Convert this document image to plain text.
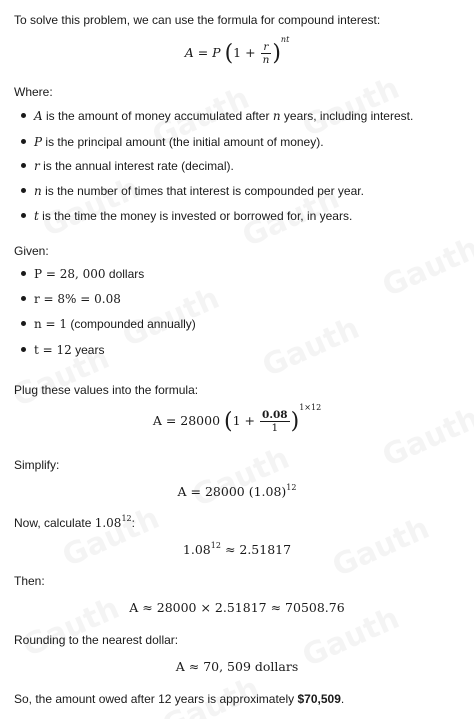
To solve this problem, we can use the formula for compound interest:
A = P $(1 + \frac{r}{n} )^{nt}$
Where:
A is the amount of money accumulated after n years, including interest.
P is the principal amount (the initial amount of money).
r is the annual interest rate (decimal).
n is the number of times that interest is compounded per year.
t is the time the money is invested or borrowed for, in years.
Given:
P = 28, 000 dollars
r = 8% = 0.08
n = 1 (compounded annually)
t = 12 years
Plug these values into the formula:
A = 28000 $(1 + \frac{0.08}{1} )^{1\times 12}$
Simplify:
A = 28000 $(1.08)^{12}$
Now, calculate 1.08$^{12}$:
$1.08^{12} \approx 2.51817$
Then:
A ≈ 28000 × 2.51817 ≈ 70508.76
Rounding to the nearest dollar:
A ≈ 70, 509 dollars
So, the amount owed after 12 years is approximately $70,509.
